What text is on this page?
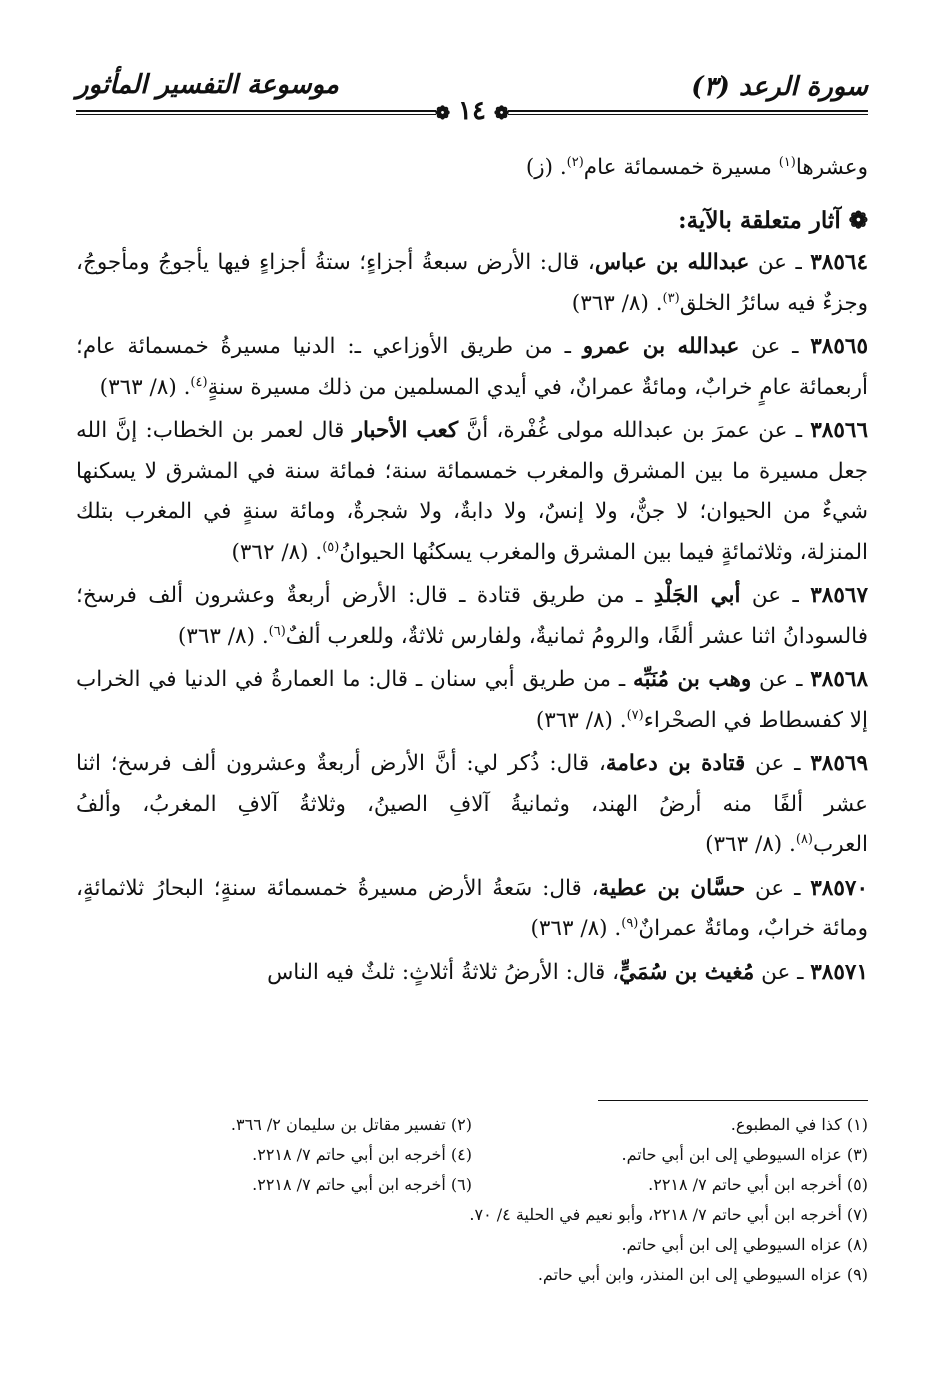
سورة الرعد (٣)
❁١٤❁
موسوعة التفسير المأثور

وعشرها$^{(١)}$ مسيرة خمسمائة عام$^{(٢)}$. (ز)

❁آثار متعلقة بالآية:

٣٨٥٦٤ ـ عن عبدالله بن عباس، قال: الأرض سبعةُ أجزاءٍ؛ ستةُ أجزاءٍ فيها يأجوجُ ومأجوجُ، وجزءٌ فيه سائرُ الخلق$^{(٣)}$. (٨/ ٣٦٣)

٣٨٥٦٥ ـ عن عبدالله بن عمرو ـ من طريق الأوزاعي ـ: الدنيا مسيرةُ خمسمائة عام؛ أربعمائة عامٍ خرابٌ، ومائةٌ عمرانٌ، في أيدي المسلمين من ذلك مسيرة سنةٍ$^{(٤)}$. (٨/ ٣٦٣)

٣٨٥٦٦ ـ عن عمرَ بن عبدالله مولى غُفْرة، أنَّ كعب الأحبار قال لعمر بن الخطاب: إنَّ الله جعل مسيرة ما بين المشرق والمغرب خمسمائة سنة؛ فمائة سنة في المشرق لا يسكنها شيءٌ من الحيوان؛ لا جنٌّ، ولا إنسٌ، ولا دابةٌ، ولا شجرةٌ، ومائة سنةٍ في المغرب بتلك المنزلة، وثلاثمائةٍ فيما بين المشرق والمغرب يسكنُها الحيوانُ$^{(٥)}$. (٨/ ٣٦٢)

٣٨٥٦٧ ـ عن أبي الجَلْدِ ـ من طريق قتادة ـ قال: الأرض أربعةٌ وعشرون ألف فرسخ؛ فالسودانُ اثنا عشر ألفًا، والرومُ ثمانيةٌ، ولفارس ثلاثةٌ، وللعرب ألفٌ$^{(٦)}$. (٨/ ٣٦٣)

٣٨٥٦٨ ـ عن وهب بن مُنَبِّه ـ من طريق أبي سنان ـ قال: ما العمارةُ في الدنيا في الخراب إلا كفسطاط في الصحْراء$^{(٧)}$. (٨/ ٣٦٣)

٣٨٥٦٩ ـ عن قتادة بن دعامة، قال: ذُكر لي: أنَّ الأرض أربعةٌ وعشرون ألف فرسخ؛ اثنا عشر ألفًا منه أرضُ الهند، وثمانيةُ آلافِ الصينُ، وثلاثةُ آلافِ المغربُ، وألفُ العرب$^{(٨)}$. (٨/ ٣٦٣)

٣٨٥٧٠ ـ عن حسَّان بن عطية، قال: سَعةُ الأرض مسيرةُ خمسمائة سنةٍ؛ البحارُ ثلاثمائةٍ، ومائة خرابٌ، ومائةٌ عمرانٌ$^{(٩)}$. (٨/ ٣٦٣)

٣٨٥٧١ ـ عن مُغيث بن سُمَيٍّ، قال: الأرضُ ثلاثةُ أثلاثٍ: ثلثٌ فيه الناس

(١) كذا في المطبوع.
(٢) تفسير مقاتل بن سليمان ٢/ ٣٦٦.
(٣) عزاه السيوطي إلى ابن أبي حاتم.
(٤) أخرجه ابن أبي حاتم ٧/ ٢٢١٨.
(٥) أخرجه ابن أبي حاتم ٧/ ٢٢١٨.
(٦) أخرجه ابن أبي حاتم ٧/ ٢٢١٨.
(٧) أخرجه ابن أبي حاتم ٧/ ٢٢١٨، وأبو نعيم في الحلية ٤/ ٧٠.
(٨) عزاه السيوطي إلى ابن أبي حاتم.
(٩) عزاه السيوطي إلى ابن المنذر، وابن أبي حاتم.
